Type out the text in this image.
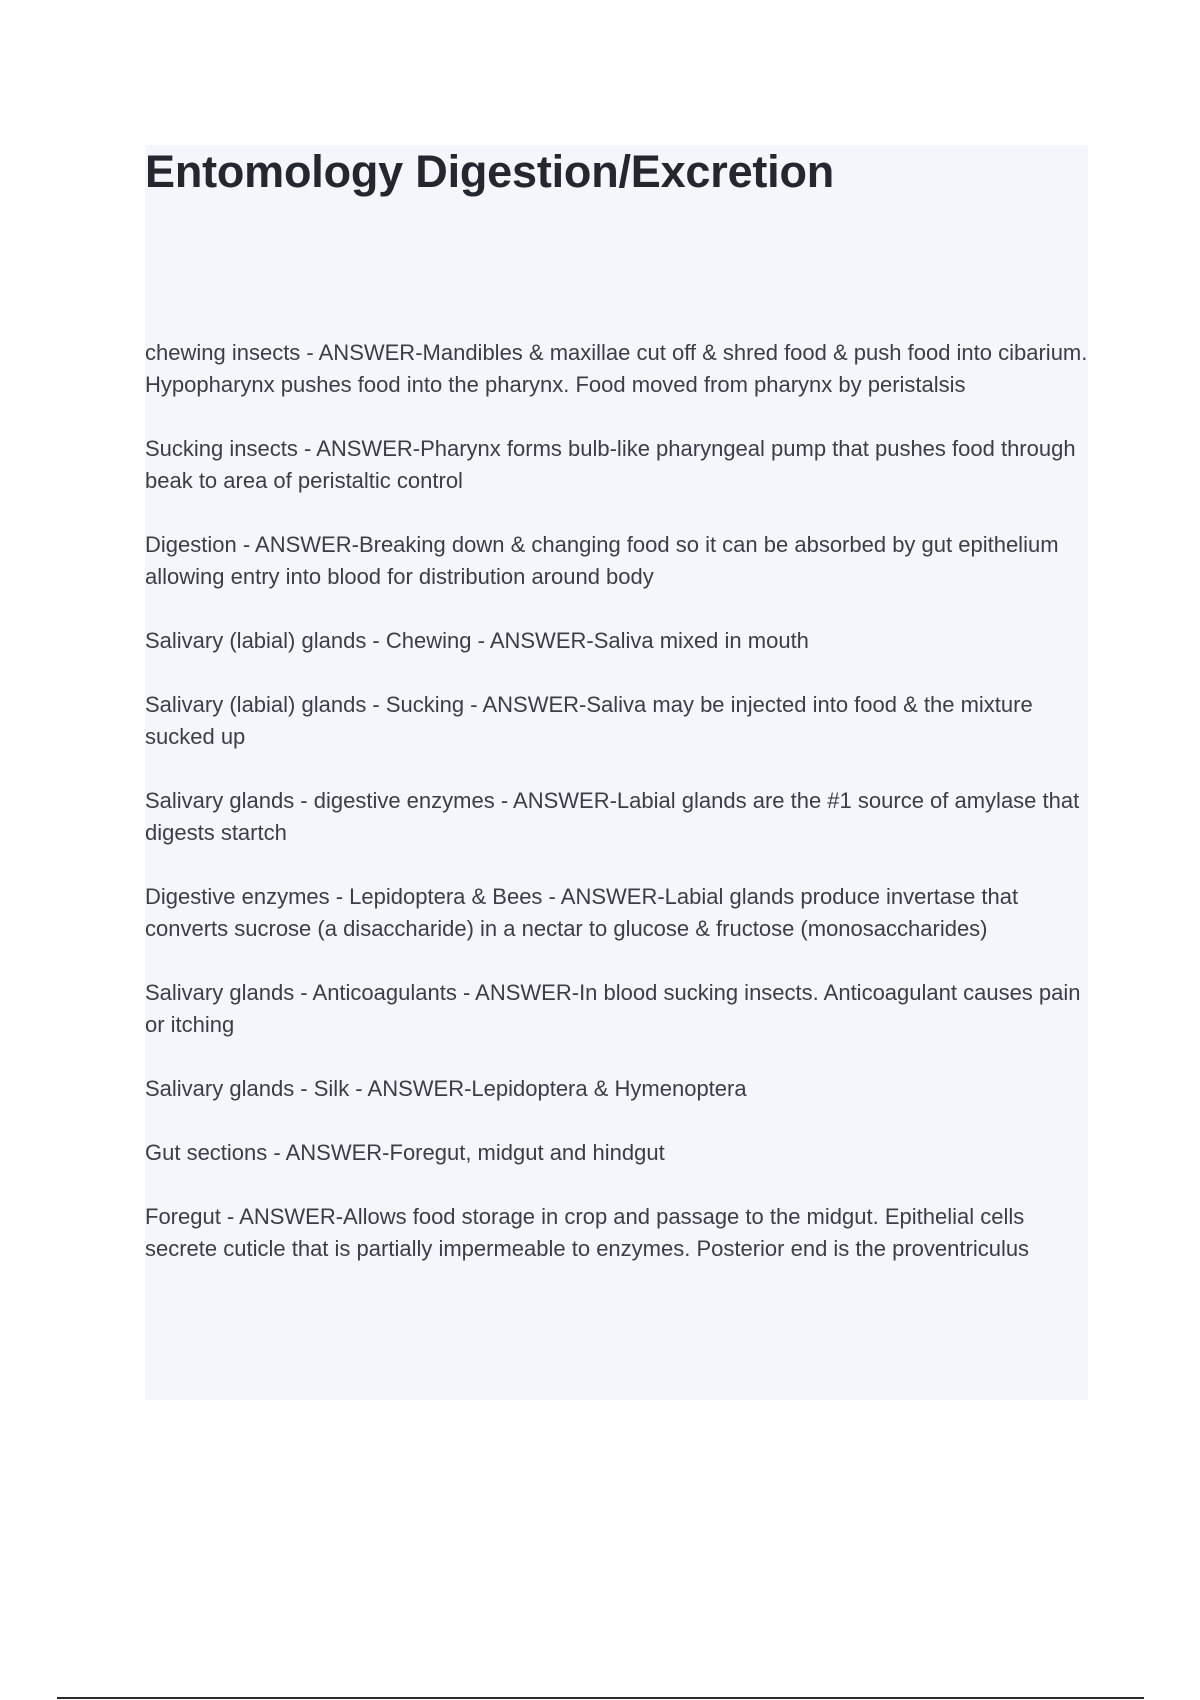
Entomology Digestion/Excretion
chewing insects - ANSWER-Mandibles & maxillae cut off & shred food & push food into cibarium. Hypopharynx pushes food into the pharynx. Food moved from pharynx by peristalsis
Sucking insects - ANSWER-Pharynx forms bulb-like pharyngeal pump that pushes food through beak to area of peristaltic control
Digestion - ANSWER-Breaking down & changing food so it can be absorbed by gut epithelium allowing entry into blood for distribution around body
Salivary (labial) glands - Chewing - ANSWER-Saliva mixed in mouth
Salivary (labial) glands - Sucking - ANSWER-Saliva may be injected into food & the mixture sucked up
Salivary glands - digestive enzymes - ANSWER-Labial glands are the #1 source of amylase that digests startch
Digestive enzymes - Lepidoptera & Bees - ANSWER-Labial glands produce invertase that converts sucrose (a disaccharide) in a nectar to glucose & fructose (monosaccharides)
Salivary glands - Anticoagulants - ANSWER-In blood sucking insects. Anticoagulant causes pain or itching
Salivary glands - Silk - ANSWER-Lepidoptera & Hymenoptera
Gut sections - ANSWER-Foregut, midgut and hindgut
Foregut - ANSWER-Allows food storage in crop and passage to the midgut. Epithelial cells secrete cuticle that is partially impermeable to enzymes. Posterior end is the proventriculus
